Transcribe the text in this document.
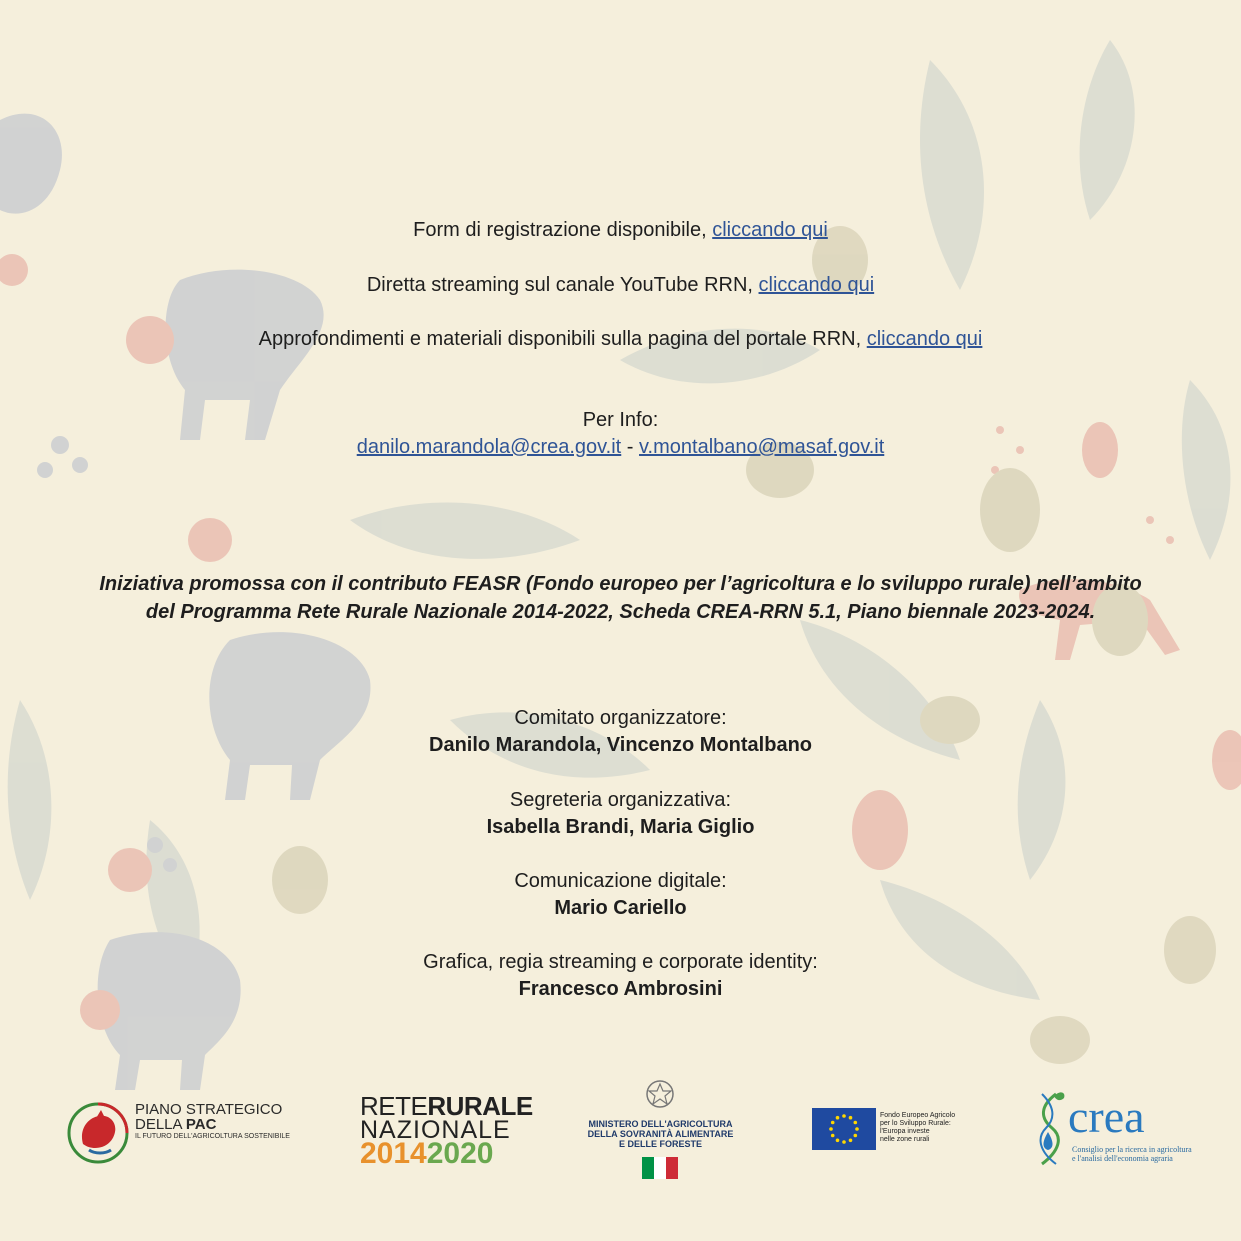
Form di registrazione disponibile, cliccando qui
Diretta streaming sul canale YouTube RRN, cliccando qui
Approfondimenti e materiali disponibili sulla pagina del portale RRN, cliccando qui
Per Info:
danilo.marandola@crea.gov.it - v.montalbano@masaf.gov.it
Iniziativa promossa con il contributo FEASR (Fondo europeo per l’agricoltura e lo sviluppo rurale) nell’ambito
del Programma Rete Rurale Nazionale 2014-2022, Scheda CREA-RRN 5.1, Piano biennale 2023-2024.
Comitato organizzatore:
Danilo Marandola, Vincenzo Montalbano
Segreteria organizzativa:
Isabella Brandi, Maria Giglio
Comunicazione digitale:
Mario Cariello
Grafica, regia streaming e corporate identity:
Francesco Ambrosini
PIANO STRATEGICO
DELLA PAC
IL FUTURO DELL'AGRICOLTURA SOSTENIBILE
RETERURALE
NAZIONALE
20142020
MINISTERO DELL'AGRICOLTURA
DELLA SOVRANITÀ ALIMENTARE
E DELLE FORESTE
Fondo Europeo Agricolo
per lo Sviluppo Rurale:
l'Europa investe
nelle zone rurali	crea
Consiglio per la ricerca in agricoltura
e l'analisi dell'economia agraria
